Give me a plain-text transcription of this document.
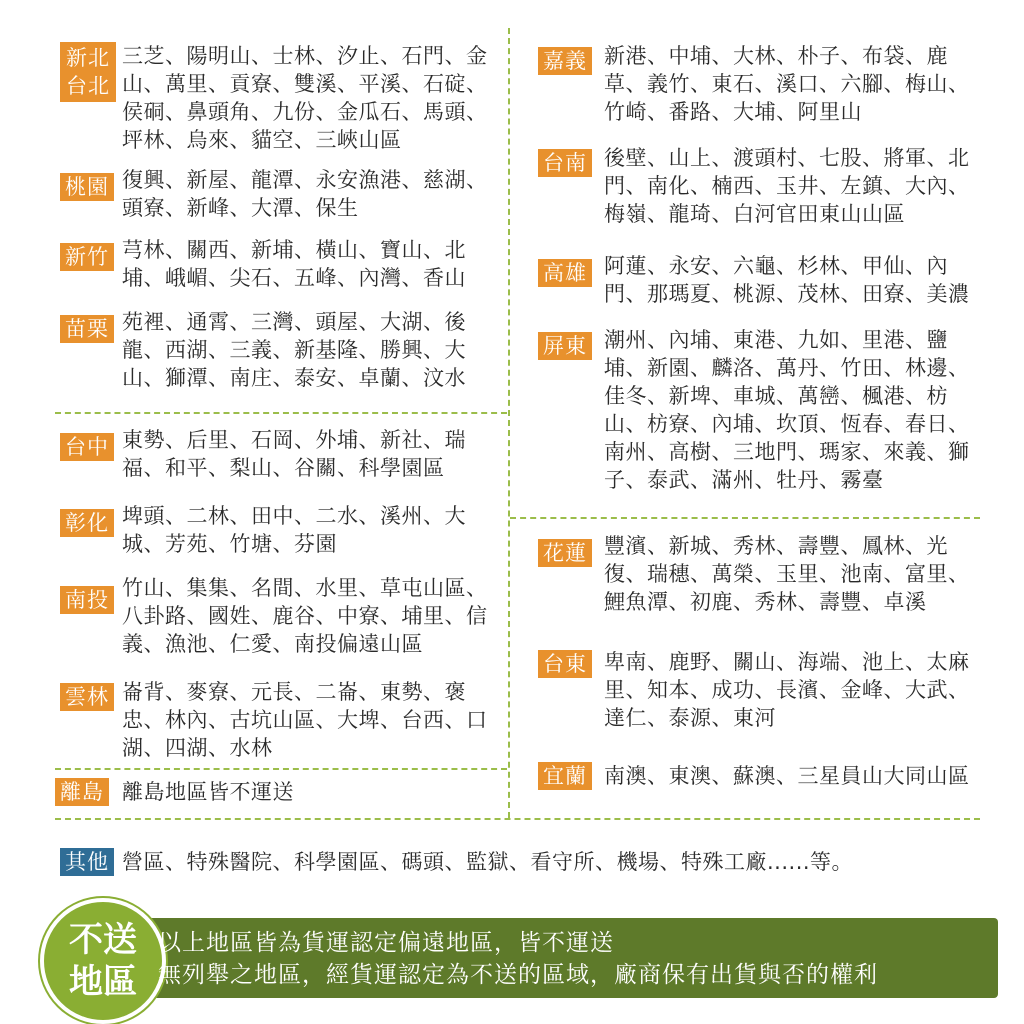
新北
台北
三芝、陽明山、士林、汐止、石門、金山、萬里、貢寮、雙溪、平溪、石碇、侯硐、鼻頭角、九份、金瓜石、馬頭、坪林、烏來、貓空、三峽山區
桃園 復興、新屋、龍潭、永安漁港、慈湖、頭寮、新峰、大潭、保生
新竹 芎林、關西、新埔、橫山、寶山、北埔、峨嵋、尖石、五峰、內灣、香山
苗栗 苑裡、通霄、三灣、頭屋、大湖、後龍、西湖、三義、新基隆、勝興、大山、獅潭、南庄、泰安、卓蘭、汶水
台中 東勢、后里、石岡、外埔、新社、瑞福、和平、梨山、谷關、科學園區
彰化 埤頭、二林、田中、二水、溪州、大城、芳苑、竹塘、芬園
南投 竹山、集集、名間、水里、草屯山區、八卦路、國姓、鹿谷、中寮、埔里、信義、漁池、仁愛、南投偏遠山區
雲林 崙背、麥寮、元長、二崙、東勢、褒忠、林內、古坑山區、大埤、台西、口湖、四湖、水林
離島 離島地區皆不運送
嘉義 新港、中埔、大林、朴子、布袋、鹿草、義竹、東石、溪口、六腳、梅山、竹崎、番路、大埔、阿里山
台南 後壁、山上、渡頭村、七股、將軍、北門、南化、楠西、玉井、左鎮、大內、梅嶺、龍琦、白河官田東山山區
高雄 阿蓮、永安、六龜、杉林、甲仙、內門、那瑪夏、桃源、茂林、田寮、美濃
屏東 潮州、內埔、東港、九如、里港、鹽埔、新園、麟洛、萬丹、竹田、林邊、佳冬、新埤、車城、萬巒、楓港、枋山、枋寮、內埔、坎頂、恆春、春日、南州、高樹、三地門、瑪家、來義、獅子、泰武、滿州、牡丹、霧臺
花蓮 豐濱、新城、秀林、壽豐、鳳林、光復、瑞穗、萬榮、玉里、池南、富里、鯉魚潭、初鹿、秀林、壽豐、卓溪
台東 卑南、鹿野、關山、海端、池上、太麻里、知本、成功、長濱、金峰、大武、達仁、泰源、東河
宜蘭 南澳、東澳、蘇澳、三星員山大同山區
其他 營區、特殊醫院、科學園區、碼頭、監獄、看守所、機場、特殊工廠......等。
不送
地區
以上地區皆為貨運認定偏遠地區，皆不運送
無列舉之地區，經貨運認定為不送的區域，廠商保有出貨與否的權利
